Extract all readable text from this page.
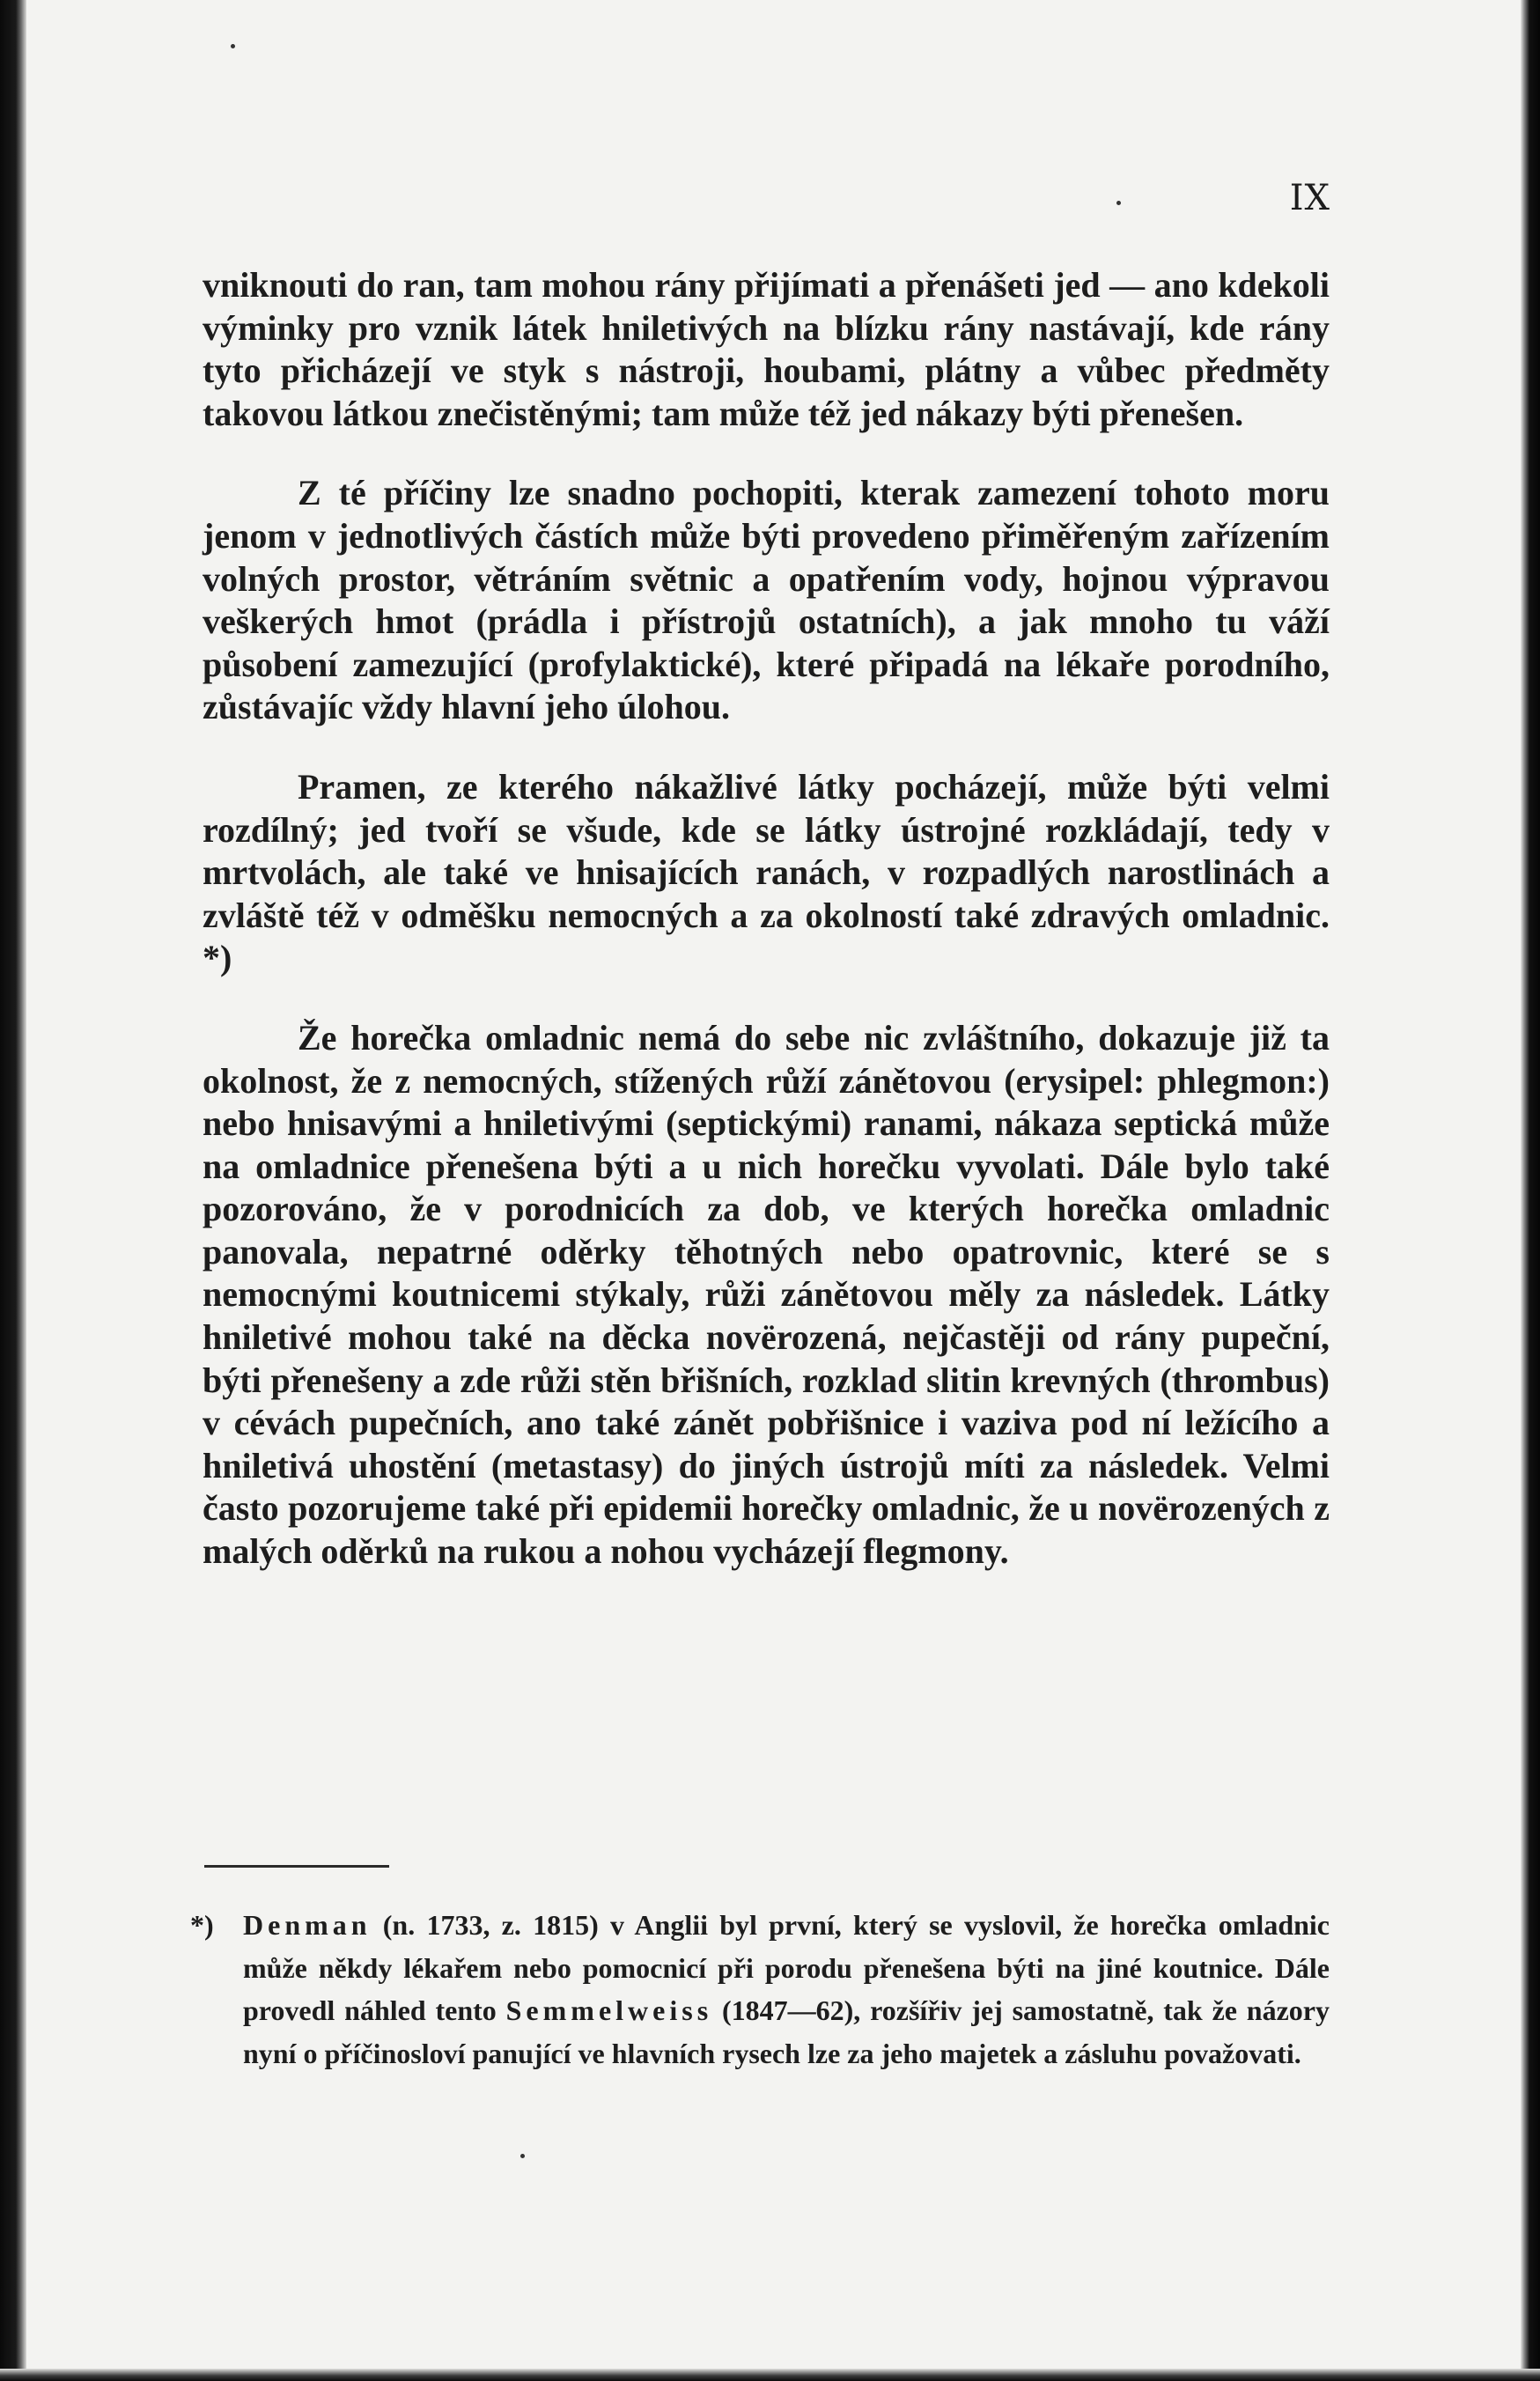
IX

vniknouti do ran, tam mohou rány přijímati a přenášeti jed — ano kdekoli výminky pro vznik látek hniletivých na blízku rány nastávají, kde rány tyto přicházejí ve styk s nástroji, houbami, plátny a vůbec předměty takovou látkou znečistěnými; tam může též jed nákazy býti přenešen.

Z té příčiny lze snadno pochopiti, kterak zamezení tohoto moru jenom v jednotlivých částích může býti provedeno přiměřeným zařízením volných prostor, větráním světnic a opatřením vody, hojnou výpravou veškerých hmot (prádla i přístrojů ostatních), a jak mnoho tu váží působení zamezující (profylaktické), které připadá na lékaře porodního, zůstávajíc vždy hlavní jeho úlohou.

Pramen, ze kterého nákažlivé látky pocházejí, může býti velmi rozdílný; jed tvoří se všude, kde se látky ústrojné rozkládají, tedy v mrtvolách, ale také ve hnisajících ranách, v rozpadlých narostlinách a zvláště též v odměšku nemocných a za okolností také zdravých omladnic. *)

Že horečka omladnic nemá do sebe nic zvláštního, dokazuje již ta okolnost, že z nemocných, stížených růží zánětovou (erysipel: phlegmon:) nebo hnisavými a hniletivými (septickými) ranami, nákaza septická může na omladnice přenešena býti a u nich horečku vyvolati. Dále bylo také pozorováno, že v porodnicích za dob, ve kterých horečka omladnic panovala, nepatrné oděrky těhotných nebo opatrovnic, které se s nemocnými koutnicemi stýkaly, růži zánětovou měly za následek. Látky hniletivé mohou také na děcka novërozená, nejčastěji od rány pupeční, býti přenešeny a zde růži stěn břišních, rozklad slitin krevných (thrombus) v cévách pupečních, ano také zánět pobřišnice i vaziva pod ní ležícího a hniletivá uhostění (metastasy) do jiných ústrojů míti za následek. Velmi často pozorujeme také při epidemii horečky omladnic, že u novërozených z malých oděrků na rukou a nohou vycházejí flegmony.

*) Denman (n. 1733, z. 1815) v Anglii byl první, který se vyslovil, že horečka omladnic může někdy lékařem nebo pomocnicí při porodu přenešena býti na jiné koutnice. Dále provedl náhled tento Semmelweiss (1847—62), rozšířiv jej samostatně, tak že názory nyní o příčinosloví panující ve hlavních rysech lze za jeho majetek a zásluhu považovati.
